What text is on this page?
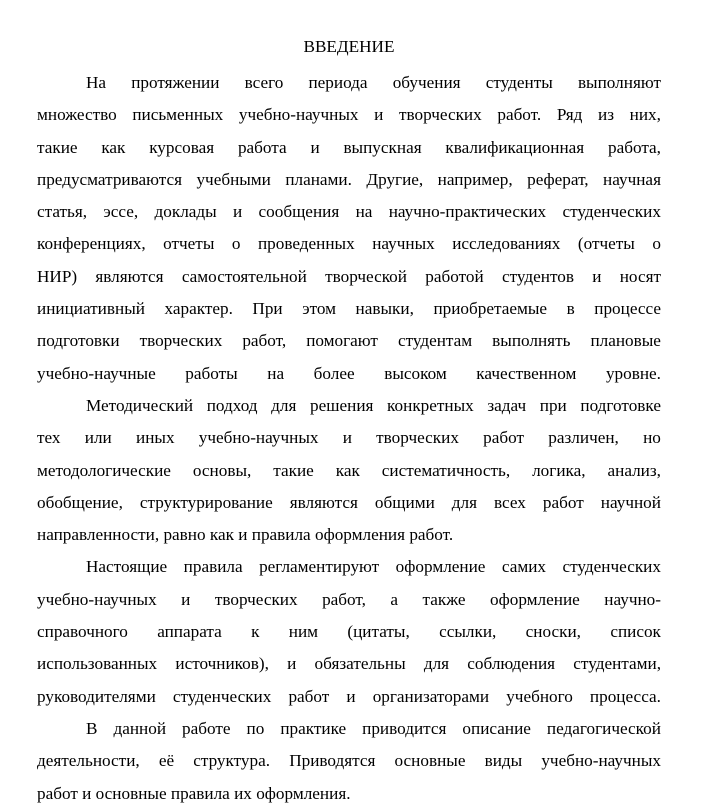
ВВЕДЕНИЕ
На протяжении всего периода обучения студенты выполняют
множество письменных учебно-научных и творческих работ. Ряд из них,
такие как курсовая работа и выпускная квалификационная работа,
предусматриваются учебными планами. Другие, например, реферат, научная
статья, эссе, доклады и сообщения на научно-практических студенческих
конференциях, отчеты о проведенных научных исследованиях (отчеты о
НИР) являются самостоятельной творческой работой студентов и носят
инициативный характер. При этом навыки, приобретаемые в процессе
подготовки творческих работ, помогают студентам выполнять плановые
учебно-научные работы на более высоком качественном уровне.
Методический подход для решения конкретных задач при подготовке
тех или иных учебно-научных и творческих работ различен, но
методологические основы, такие как систематичность, логика, анализ,
обобщение, структурирование являются общими для всех работ научной
направленности, равно как и правила оформления работ.
Настоящие правила регламентируют оформление самих студенческих
учебно-научных и творческих работ, а также оформление научно-
справочного аппарата к ним (цитаты, ссылки, сноски, список
использованных источников), и обязательны для соблюдения студентами,
руководителями студенческих работ и организаторами учебного процесса.
В данной работе по практике приводится описание педагогической
деятельности, её структура. Приводятся основные виды учебно-научных
работ и основные правила их оформления.
